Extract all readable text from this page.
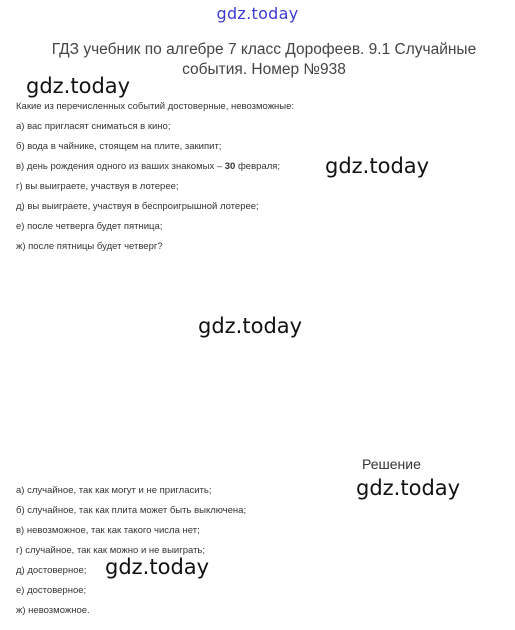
gdz.today
ГДЗ учебник по алгебре 7 класс Дорофеев. 9.1 Случайные события. Номер №938
gdz.today
gdz.today
gdz.today
gdz.today
gdz.today
Какие из перечисленных событий достоверные, невозможные:
а) вас пригласят сниматься в кино;
б) вода в чайнике, стоящем на плите, закипит;
в) день рождения одного из ваших знакомых – 30 февраля;
г) вы выиграете, участвуя в лотерее;
д) вы выиграете, участвуя в беспроигрышной лотерее;
е) после четверга будет пятница;
ж) после пятницы будет четверг?
Решение
а) случайное, так как могут и не пригласить;
б) случайное, так как плита может быть выключена;
в) невозможное, так как такого числа нет;
г) случайное, так как можно и не выиграть;
д) достоверное;
е) достоверное;
ж) невозможное.
